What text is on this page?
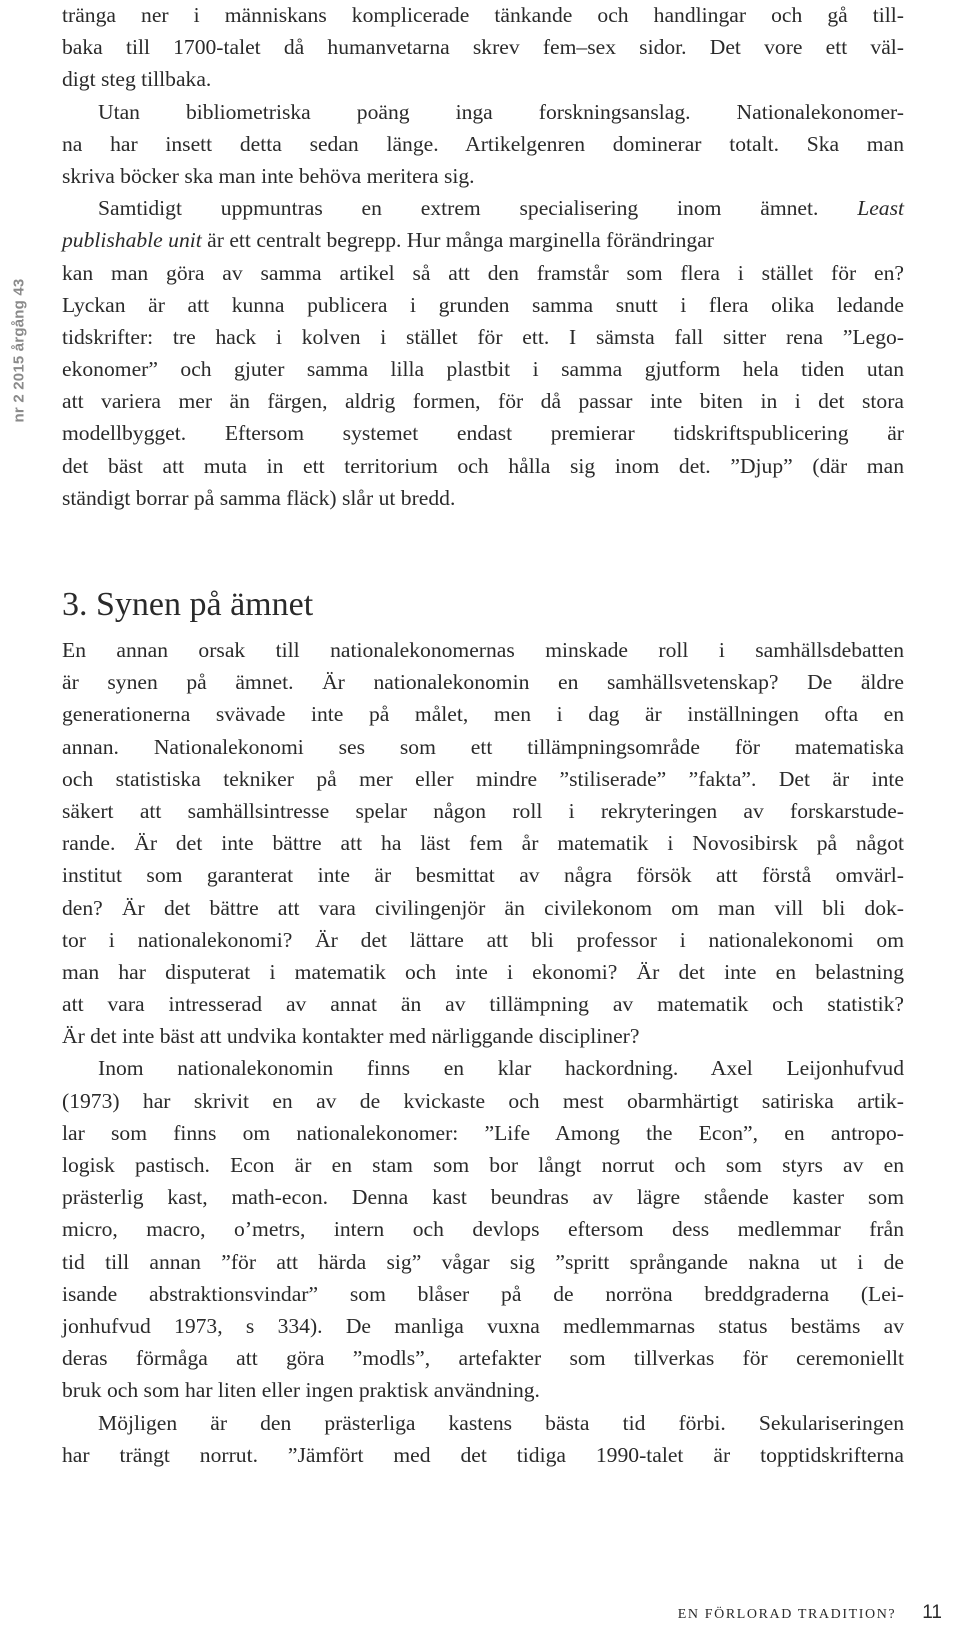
nr 2 2015 årgång 43
tränga ner i människans komplicerade tänkande och handlingar och gå till-
baka till 1700-talet då humanvetarna skrev fem–sex sidor. Det vore ett väl-
digt steg tillbaka.
Utan bibliometriska poäng inga forskningsanslag. Nationalekonomer-
na har insett detta sedan länge. Artikelgenren dominerar totalt. Ska man
skriva böcker ska man inte behöva meritera sig.
Samtidigt uppmuntras en extrem specialisering inom ämnet. Least
publishable unit är ett centralt begrepp. Hur många marginella förändringar
kan man göra av samma artikel så att den framstår som flera i stället för en?
Lyckan är att kunna publicera i grunden samma snutt i flera olika ledande
tidskrifter: tre hack i kolven i stället för ett. I sämsta fall sitter rena ”Lego-
ekonomer” och gjuter samma lilla plastbit i samma gjutform hela tiden utan
att variera mer än färgen, aldrig formen, för då passar inte biten in i det stora
modellbygget. Eftersom systemet endast premierar tidskriftspublicering är
det bäst att muta in ett territorium och hålla sig inom det. ”Djup” (där man
ständigt borrar på samma fläck) slår ut bredd.
3. Synen på ämnet
En annan orsak till nationalekonomernas minskade roll i samhällsdebatten
är synen på ämnet. Är nationalekonomin en samhällsvetenskap? De äldre
generationerna svävade inte på målet, men i dag är inställningen ofta en
annan. Nationalekonomi ses som ett tillämpningsområde för matematiska
och statistiska tekniker på mer eller mindre ”stiliserade” ”fakta”. Det är inte
säkert att samhällsintresse spelar någon roll i rekryteringen av forskarstude-
rande. Är det inte bättre att ha läst fem år matematik i Novosibirsk på något
institut som garanterat inte är besmittat av några försök att förstå omvärl-
den? Är det bättre att vara civilingenjör än civilekonom om man vill bli dok-
tor i nationalekonomi? Är det lättare att bli professor i nationalekonomi om
man har disputerat i matematik och inte i ekonomi? Är det inte en belastning
att vara intresserad av annat än av tillämpning av matematik och statistik?
Är det inte bäst att undvika kontakter med närliggande discipliner?
Inom nationalekonomin finns en klar hackordning. Axel Leijonhufvud
(1973) har skrivit en av de kvickaste och mest obarmhärtigt satiriska artik-
lar som finns om nationalekonomer: ”Life Among the Econ”, en antropo-
logisk pastisch. Econ är en stam som bor långt norrut och som styrs av en
prästerlig kast, math-econ. Denna kast beundras av lägre stående kaster som
micro, macro, o’metrs, intern och devlops eftersom dess medlemmar från
tid till annan ”för att härda sig” vågar sig ”spritt språngande nakna ut i de
isande abstraktionsvindar” som blåser på de norröna breddgraderna (Lei-
jonhufvud 1973, s 334). De manliga vuxna medlemmarnas status bestäms av
deras förmåga att göra ”modls”, artefakter som tillverkas för ceremoniellt
bruk och som har liten eller ingen praktisk användning.
Möjligen är den prästerliga kastens bästa tid förbi. Sekulariseringen
har trängt norrut. ”Jämfört med det tidiga 1990-talet är topptidskrifterna
EN FÖRLORAD TRADITION? 11
